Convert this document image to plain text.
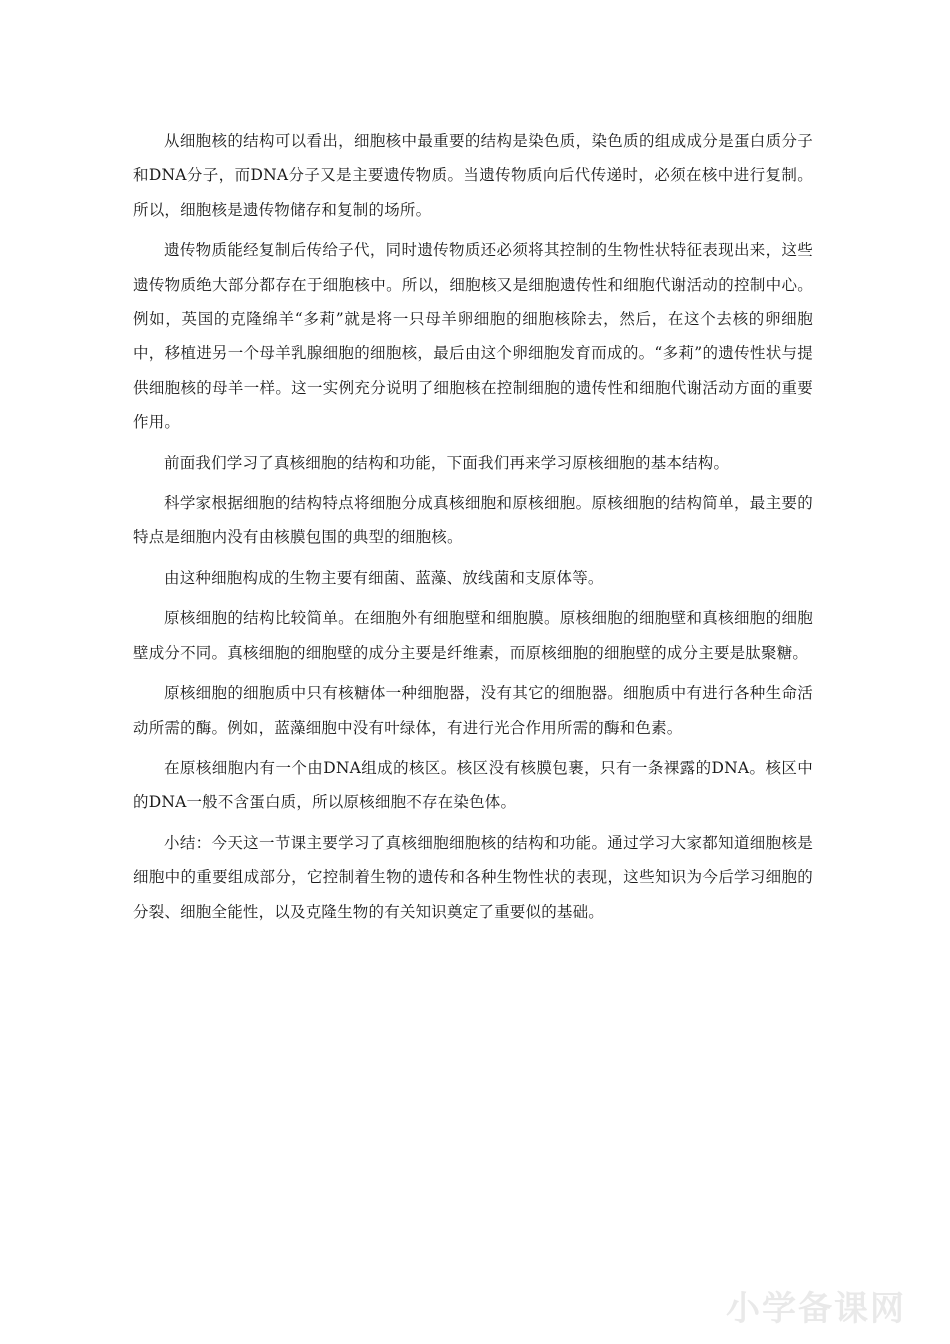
从细胞核的结构可以看出，细胞核中最重要的结构是染色质，染色质的组成成分是蛋白质分子和DNA分子，而DNA分子又是主要遗传物质。当遗传物质向后代传递时，必须在核中进行复制。所以，细胞核是遗传物储存和复制的场所。

遗传物质能经复制后传给子代，同时遗传物质还必须将其控制的生物性状特征表现出来，这些遗传物质绝大部分都存在于细胞核中。所以，细胞核又是细胞遗传性和细胞代谢活动的控制中心。例如，英国的克隆绵羊“多莉”就是将一只母羊卵细胞的细胞核除去，然后，在这个去核的卵细胞中，移植进另一个母羊乳腺细胞的细胞核，最后由这个卵细胞发育而成的。“多莉”的遗传性状与提供细胞核的母羊一样。这一实例充分说明了细胞核在控制细胞的遗传性和细胞代谢活动方面的重要作用。

前面我们学习了真核细胞的结构和功能，下面我们再来学习原核细胞的基本结构。

科学家根据细胞的结构特点将细胞分成真核细胞和原核细胞。原核细胞的结构简单，最主要的特点是细胞内没有由核膜包围的典型的细胞核。

由这种细胞构成的生物主要有细菌、蓝藻、放线菌和支原体等。

原核细胞的结构比较简单。在细胞外有细胞壁和细胞膜。原核细胞的细胞壁和真核细胞的细胞壁成分不同。真核细胞的细胞壁的成分主要是纤维素，而原核细胞的细胞壁的成分主要是肽聚糖。

原核细胞的细胞质中只有核糖体一种细胞器，没有其它的细胞器。细胞质中有进行各种生命活动所需的酶。例如，蓝藻细胞中没有叶绿体，有进行光合作用所需的酶和色素。

在原核细胞内有一个由DNA组成的核区。核区没有核膜包裹，只有一条裸露的DNA。核区中的DNA一般不含蛋白质，所以原核细胞不存在染色体。

小结：今天这一节课主要学习了真核细胞细胞核的结构和功能。通过学习大家都知道细胞核是细胞中的重要组成部分，它控制着生物的遗传和各种生物性状的表现，这些知识为今后学习细胞的分裂、细胞全能性，以及克隆生物的有关知识奠定了重要似的基础。

小学备课网
